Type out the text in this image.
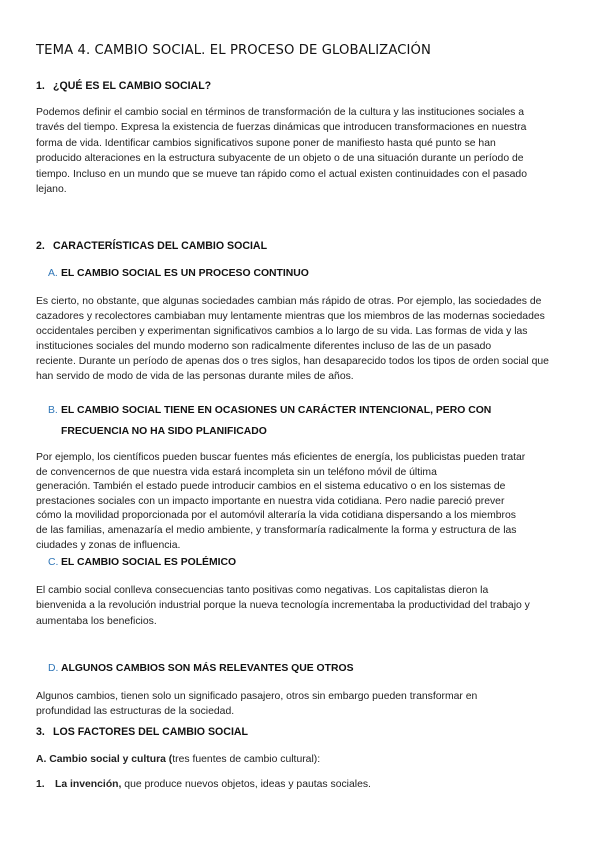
TEMA 4. CAMBIO SOCIAL. EL PROCESO DE GLOBALIZACIÓN
1. ¿QUÉ ES EL CAMBIO SOCIAL?
Podemos definir el cambio social en términos de transformación de la cultura y las instituciones sociales a
través del tiempo. Expresa la existencia de fuerzas dinámicas que introducen transformaciones en nuestra
forma de vida. Identificar cambios significativos supone poner de manifiesto hasta qué punto se han
producido alteraciones en la estructura subyacente de un objeto o de una situación durante un período de
tiempo. Incluso en un mundo que se mueve tan rápido como el actual existen continuidades con el pasado
lejano.
2. CARACTERÍSTICAS DEL CAMBIO SOCIAL
A. EL CAMBIO SOCIAL ES UN PROCESO CONTINUO
Es cierto, no obstante, que algunas sociedades cambian más rápido de otras. Por ejemplo, las sociedades de
cazadores y recolectores cambiaban muy lentamente mientras que los miembros de las modernas sociedades
occidentales perciben y experimentan significativos cambios a lo largo de su vida. Las formas de vida y las
instituciones sociales del mundo moderno son radicalmente diferentes incluso de las de un pasado
reciente. Durante un período de apenas dos o tres siglos, han desaparecido todos los tipos de orden social que
han servido de modo de vida de las personas durante miles de años.
B. EL CAMBIO SOCIAL TIENE EN OCASIONES UN CARÁCTER INTENCIONAL, PERO CON
FRECUENCIA NO HA SIDO PLANIFICADO
Por ejemplo, los científicos pueden buscar fuentes más eficientes de energía, los publicistas pueden tratar
de convencernos de que nuestra vida estará incompleta sin un teléfono móvil de última
generación. También el estado puede introducir cambios en el sistema educativo o en los sistemas de
prestaciones sociales con un impacto importante en nuestra vida cotidiana. Pero nadie pareció prever
cómo la movilidad proporcionada por el automóvil alteraría la vida cotidiana dispersando a los miembros
de las familias, amenazaría el medio ambiente, y transformaría radicalmente la forma y estructura de las
ciudades y zonas de influencia.
C. EL CAMBIO SOCIAL ES POLÉMICO
El cambio social conlleva consecuencias tanto positivas como negativas. Los capitalistas dieron la
bienvenida a la revolución industrial porque la nueva tecnología incrementaba la productividad del trabajo y
aumentaba los beneficios.
D. ALGUNOS CAMBIOS SON MÁS RELEVANTES QUE OTROS
Algunos cambios, tienen solo un significado pasajero, otros sin embargo pueden transformar en
profundidad las estructuras de la sociedad.
3. LOS FACTORES DEL CAMBIO SOCIAL
A. Cambio social y cultura (tres fuentes de cambio cultural):
1. La invención, que produce nuevos objetos, ideas y pautas sociales.
